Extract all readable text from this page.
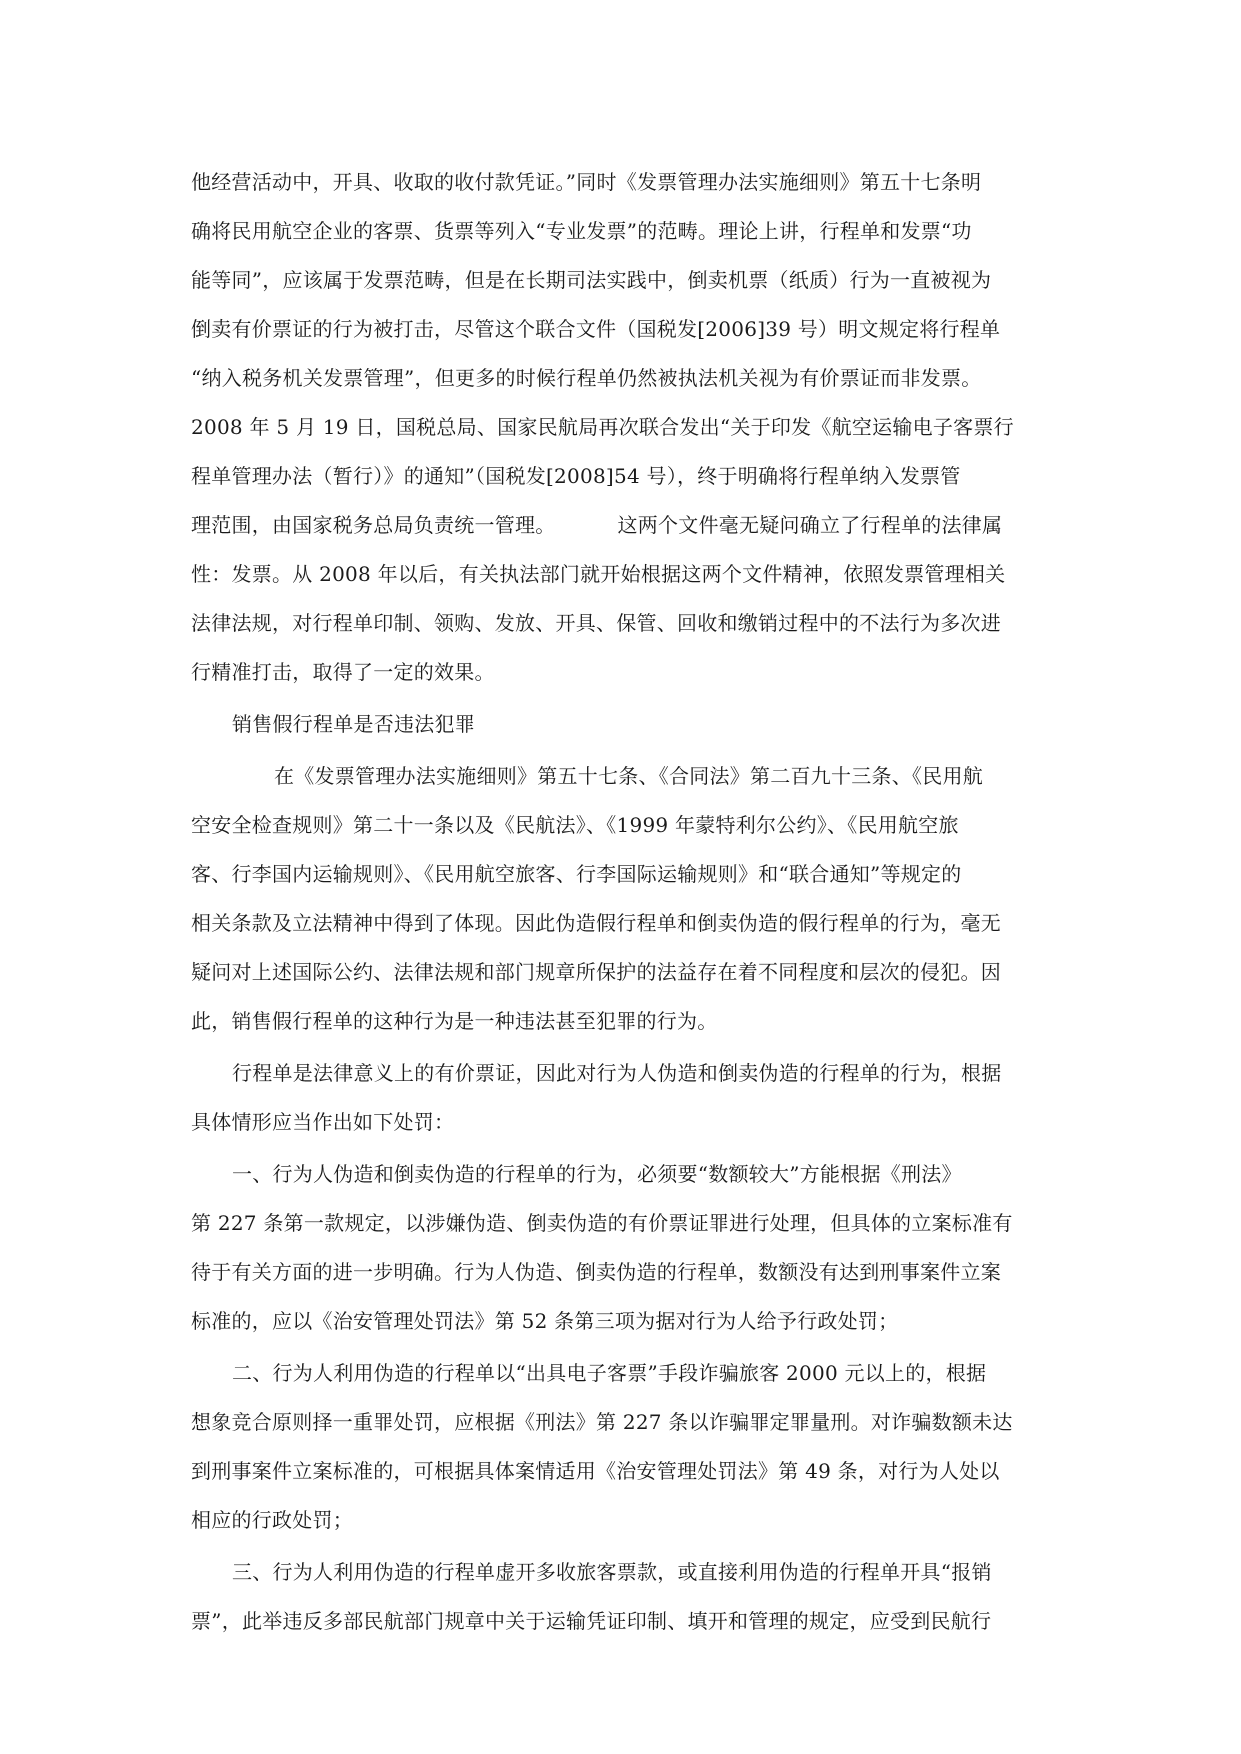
他经营活动中，开具、收取的收付款凭证。”同时《发票管理办法实施细则》第五十七条明
确将民用航空企业的客票、货票等列入“专业发票”的范畴。理论上讲，行程单和发票“功
能等同”，应该属于发票范畴，但是在长期司法实践中，倒卖机票（纸质）行为一直被视为
倒卖有价票证的行为被打击，尽管这个联合文件（国税发[2006]39 号）明文规定将行程单
“纳入税务机关发票管理”，但更多的时候行程单仍然被执法机关视为有价票证而非发票。
2008 年 5 月 19 日，国税总局、国家民航局再次联合发出“关于印发《航空运输电子客票行
程单管理办法（暂行）》的通知”（国税发[2008]54 号），终于明确将行程单纳入发票管
理范围，由国家税务总局负责统一管理。	这两个文件毫无疑问确立了行程单的法律属
性：发票。从 2008 年以后，有关执法部门就开始根据这两个文件精神，依照发票管理相关
法律法规，对行程单印制、领购、发放、开具、保管、回收和缴销过程中的不法行为多次进
行精准打击，取得了一定的效果。
销售假行程单是否违法犯罪
在《发票管理办法实施细则》第五十七条、《合同法》第二百九十三条、《民用航
空安全检查规则》第二十一条以及《民航法》、《1999 年蒙特利尔公约》、《民用航空旅
客、行李国内运输规则》、《民用航空旅客、行李国际运输规则》和“联合通知”等规定的
相关条款及立法精神中得到了体现。因此伪造假行程单和倒卖伪造的假行程单的行为，毫无
疑问对上述国际公约、法律法规和部门规章所保护的法益存在着不同程度和层次的侵犯。因
此，销售假行程单的这种行为是一种违法甚至犯罪的行为。
行程单是法律意义上的有价票证，因此对行为人伪造和倒卖伪造的行程单的行为，根据
具体情形应当作出如下处罚：
一、行为人伪造和倒卖伪造的行程单的行为，必须要“数额较大”方能根据《刑法》
第 227 条第一款规定，以涉嫌伪造、倒卖伪造的有价票证罪进行处理，但具体的立案标准有
待于有关方面的进一步明确。行为人伪造、倒卖伪造的行程单，数额没有达到刑事案件立案
标准的，应以《治安管理处罚法》第 52 条第三项为据对行为人给予行政处罚；
二、行为人利用伪造的行程单以“出具电子客票”手段诈骗旅客 2000 元以上的，根据
想象竞合原则择一重罪处罚，应根据《刑法》第 227 条以诈骗罪定罪量刑。对诈骗数额未达
到刑事案件立案标准的，可根据具体案情适用《治安管理处罚法》第 49 条，对行为人处以
相应的行政处罚；
三、行为人利用伪造的行程单虚开多收旅客票款，或直接利用伪造的行程单开具“报销
票”，此举违反多部民航部门规章中关于运输凭证印制、填开和管理的规定，应受到民航行
